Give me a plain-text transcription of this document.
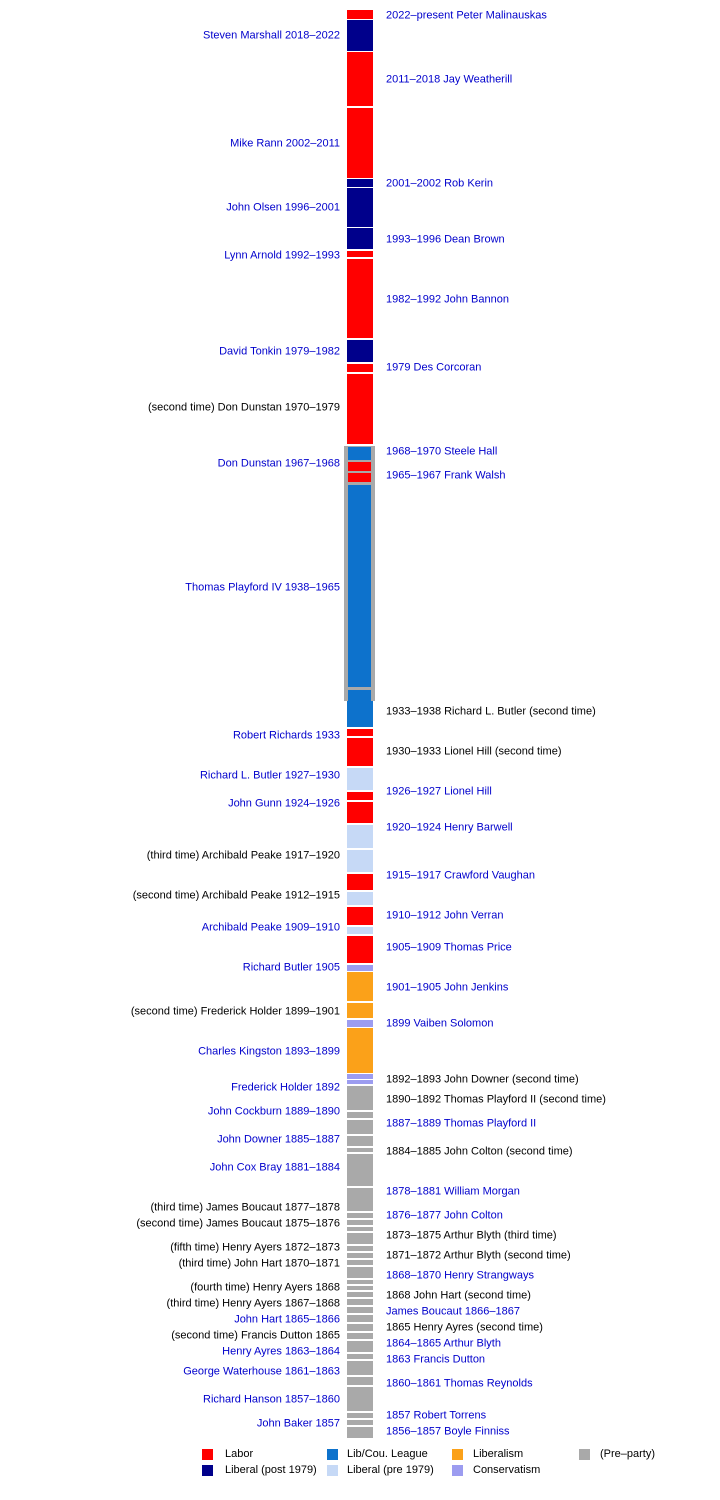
2022–present Peter Malinauskas
Steven Marshall 2018–2022
2011–2018 Jay Weatherill
Mike Rann 2002–2011
2001–2002 Rob Kerin
John Olsen 1996–2001
1993–1996 Dean Brown
Lynn Arnold 1992–1993
1982–1992 John Bannon
David Tonkin 1979–1982
1979 Des Corcoran
(second time) Don Dunstan 1970–1979
1968–1970 Steele Hall
Don Dunstan 1967–1968
1965–1967 Frank Walsh
Thomas Playford IV 1938–1965
1933–1938 Richard L. Butler (second time)
Robert Richards 1933
1930–1933 Lionel Hill (second time)
Richard L. Butler 1927–1930
1926–1927 Lionel Hill
John Gunn 1924–1926
1920–1924 Henry Barwell
(third time) Archibald Peake 1917–1920
1915–1917 Crawford Vaughan
(second time) Archibald Peake 1912–1915
1910–1912 John Verran
Archibald Peake 1909–1910
1905–1909 Thomas Price
Richard Butler 1905
1901–1905 John Jenkins
(second time) Frederick Holder 1899–1901
1899 Vaiben Solomon
Charles Kingston 1893–1899
1892–1893 John Downer (second time)
Frederick Holder 1892
1890–1892 Thomas Playford II (second time)
John Cockburn 1889–1890
1887–1889 Thomas Playford II
John Downer 1885–1887
1884–1885 John Colton (second time)
John Cox Bray 1881–1884
1878–1881 William Morgan
(third time) James Boucaut 1877–1878
1876–1877 John Colton
(second time) James Boucaut 1875–1876
1873–1875 Arthur Blyth (third time)
(fifth time) Henry Ayers 1872–1873
1871–1872 Arthur Blyth (second time)
(third time) John Hart 1870–1871
1868–1870 Henry Strangways
(fourth time) Henry Ayers 1868
1868 John Hart (second time)
(third time) Henry Ayers 1867–1868
James Boucaut 1866–1867
John Hart 1865–1866
1865 Henry Ayres (second time)
(second time) Francis Dutton 1865
1864–1865 Arthur Blyth
Henry Ayres 1863–1864
1863 Francis Dutton
George Waterhouse 1861–1863
1860–1861 Thomas Reynolds
Richard Hanson 1857–1860
1857 Robert Torrens
John Baker 1857
1856–1857 Boyle Finniss
Labor	Lib/Cou. League	Liberalism	(Pre–party)
Liberal (post 1979)	Liberal (pre 1979)	Conservatism
